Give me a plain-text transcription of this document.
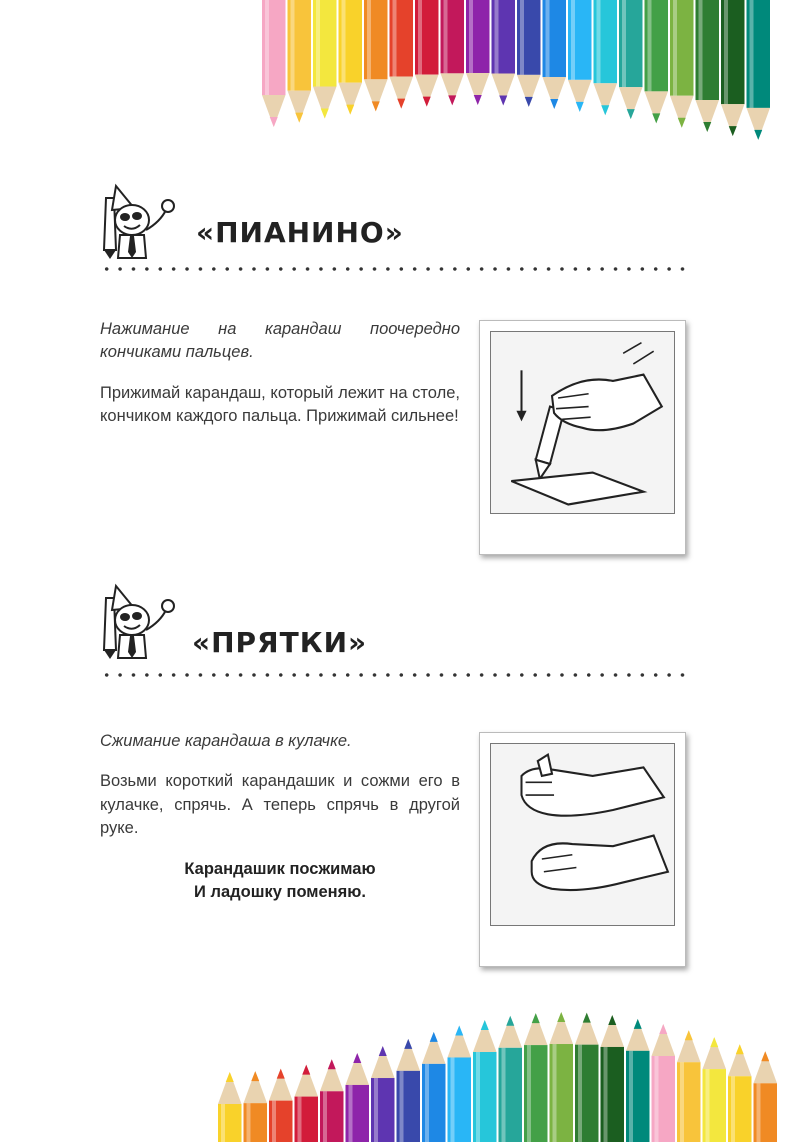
«ПИАНИНО»

Нажимание на карандаш поочередно кончиками пальцев.

Прижимай карандаш, который лежит на столе, кончиком каждого пальца. Прижимай сильнее!

«ПРЯТКИ»

Сжимание карандаша в кулачке.

Возьми короткий карандашик и сожми его в кулачке, спрячь. А теперь спрячь в другой руке.

Карандашик посжимаю
И ладошку поменяю.
